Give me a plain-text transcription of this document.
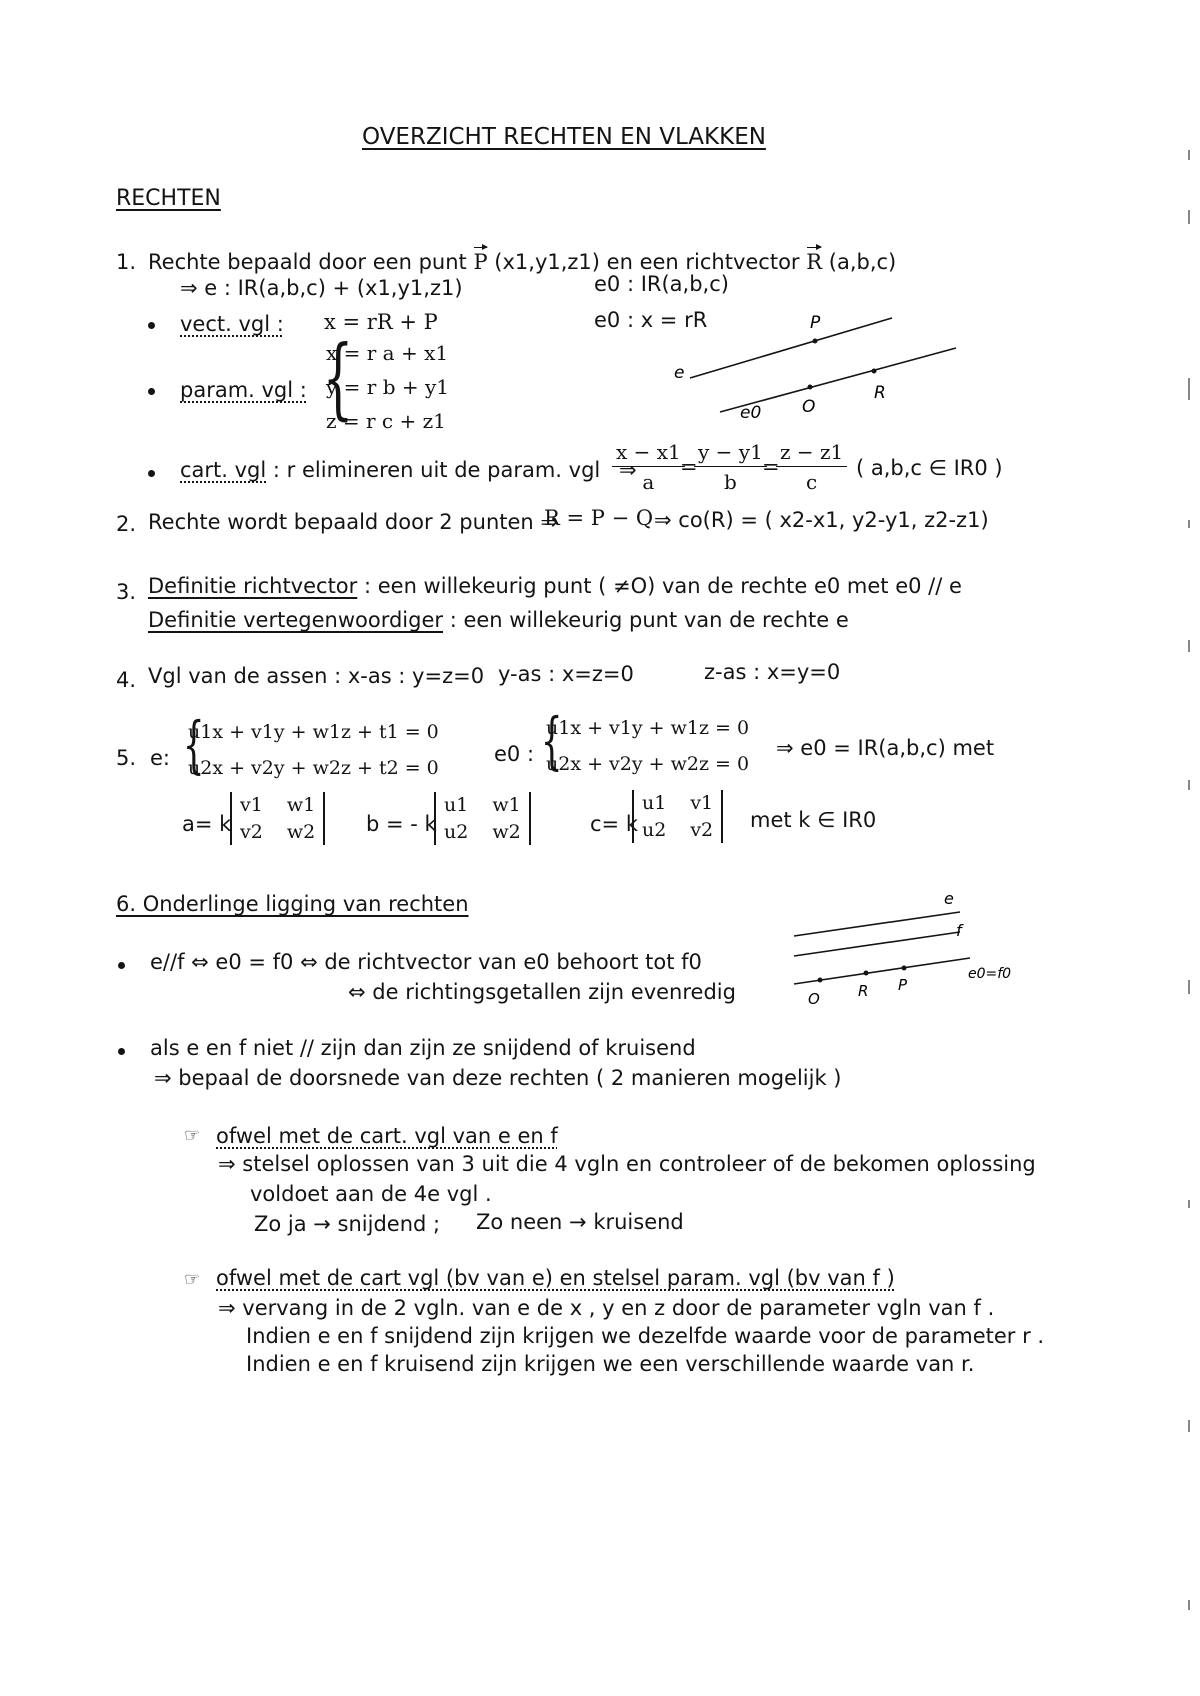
OVERZICHT RECHTEN EN VLAKKEN
RECHTEN
1. Rechte bepaald door een punt P (x1,y1,z1) en een richtvector R (a,b,c)
⇒ e : IR(a,b,c) + (x1,y1,z1)	e0 : IR(a,b,c)
vect. vgl : x = rR + P	e0 : x = rR
param. vgl : {
x = r a + x1
y = r b + y1
z = r c + z1
P
e
R
e0 O
cart. vgl : r elimineren uit de param. vgl ⇒
$\frac{x - x1}{a}$
=
$\frac{y - y1}{b}$
=
$\frac{z - z1}{c}$ ( a,b,c ∈ IR0 )
2. Rechte wordt bepaald door 2 punten ⇒
R = P − Q ⇒ co(R) = ( x2-x1, y2-y1, z2-z1)
3. Definitie richtvector : een willekeurig punt ( ≠O) van de rechte e0 met e0 // e
Definitie vertegenwoordiger : een willekeurig punt van de rechte e
4. Vgl van de assen : x-as : y=z=0 y-as : x=z=0	z-as : x=y=0
5. e: {
u1x + v1y + w1z + t1 = 0
u2x + v2y + w2z + t2 = 0
e0 : {
u1x + v1y + w1z = 0
u2x + v2y + w2z = 0
⇒ e0 = IR(a,b,c) met
a= k
v1 w1
v2 w2 b = - k
u1 w1
u2 w2	c= k
u1 v1
u2 v2 met k ∈ IR0
6. Onderlinge ligging van rechten
e//f ⇔ e0 = f0 ⇔ de richtvector van e0 behoort tot f0
⇔ de richtingsgetallen zijn evenredig
e
f
e0=f0
O	R P
als e en f niet // zijn dan zijn ze snijdend of kruisend
⇒ bepaal de doorsnede van deze rechten ( 2 manieren mogelijk )
☞ ofwel met de cart. vgl van e en f
⇒ stelsel oplossen van 3 uit die 4 vgln en controleer of de bekomen oplossing
voldoet aan de 4e vgl .
Zo ja → snijdend ; Zo neen → kruisend
☞ ofwel met de cart vgl (bv van e) en stelsel param. vgl (bv van f )
⇒ vervang in de 2 vgln. van e de x , y en z door de parameter vgln van f .
Indien e en f snijdend zijn krijgen we dezelfde waarde voor de parameter r .
Indien e en f kruisend zijn krijgen we een verschillende waarde van r.
